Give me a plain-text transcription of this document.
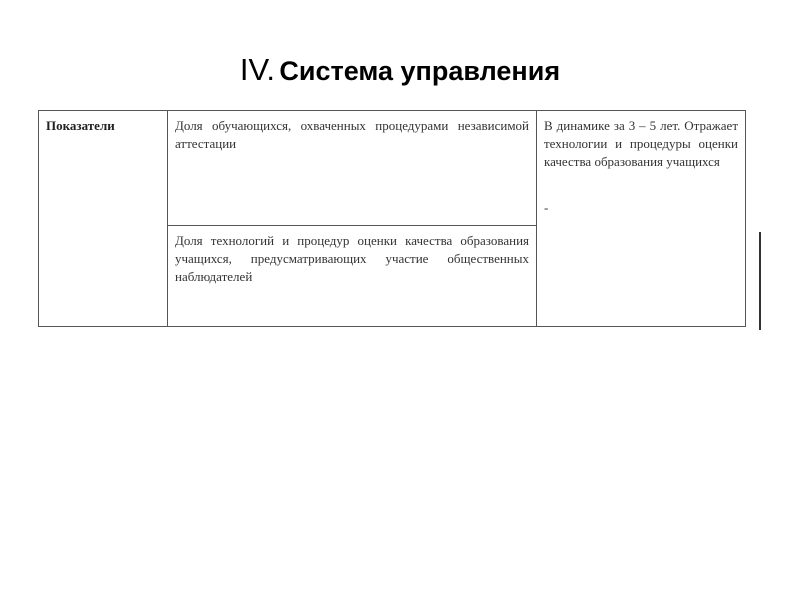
IV. Система управления
Показатели	Доля обучающихся, охваченных процедурами независимой аттестации	В динамике за 3 – 5 лет. Отражает технологии и процедуры оценки качества образования учащихся
-

Доля технологий и процедур оценки качества образования учащихся, предусматривающих участие общественных наблюдателей
